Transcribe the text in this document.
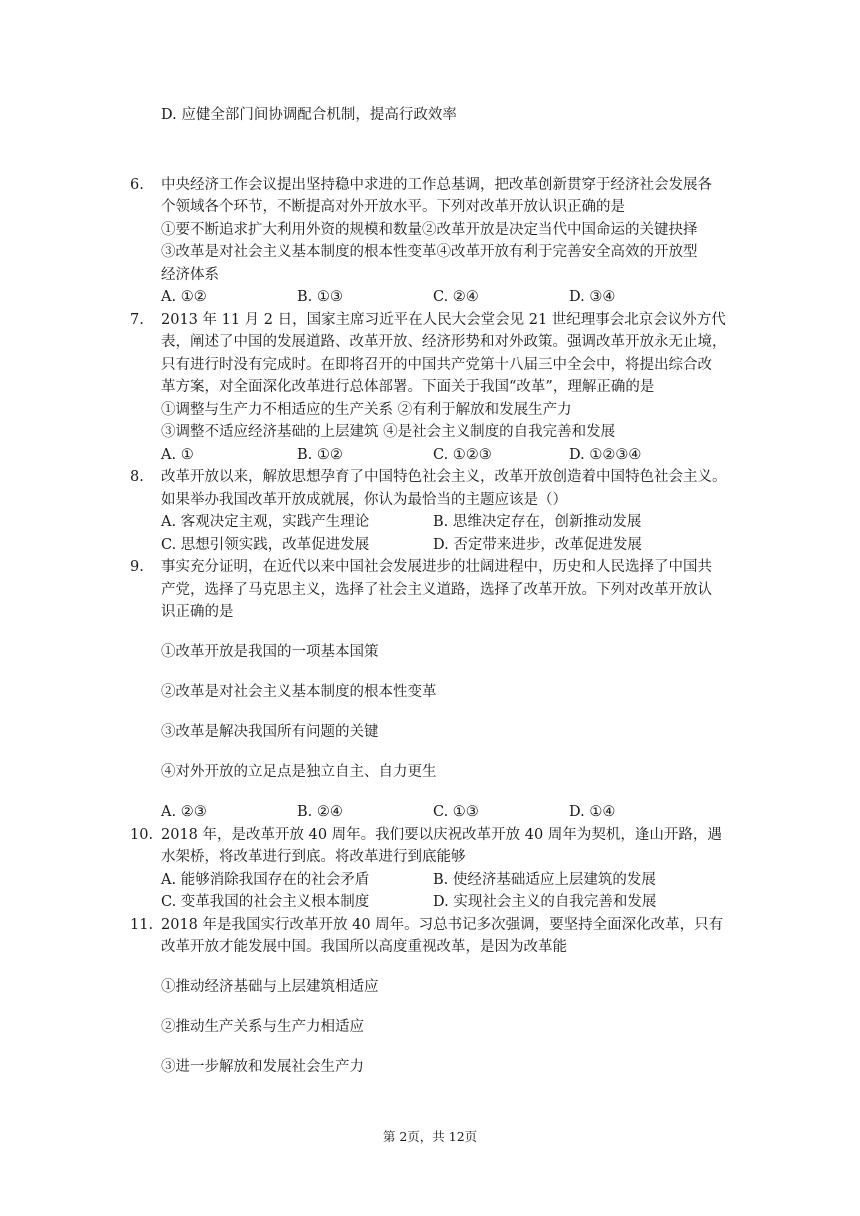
D. 应健全部门间协调配合机制，提高行政效率
6. 中央经济工作会议提出坚持稳中求进的工作总基调，把改革创新贯穿于经济社会发展各
个领域各个环节，不断提高对外开放水平。下列对改革开放认识正确的是
①要不断追求扩大利用外资的规模和数量②改革开放是决定当代中国命运的关键抉择
③改革是对社会主义基本制度的根本性变革④改革开放有利于完善安全高效的开放型
经济体系
A. ①②	B. ①③	C. ②④	D. ③④
7. 2013 年 11 月 2 日，国家主席习近平在人民大会堂会见 21 世纪理事会北京会议外方代
表，阐述了中国的发展道路、改革开放、经济形势和对外政策。强调改革开放永无止境，
只有进行时没有完成时。在即将召开的中国共产党第十八届三中全会中，将提出综合改
革方案，对全面深化改革进行总体部署。下面关于我国“改革”，理解正确的是
①调整与生产力不相适应的生产关系 ②有利于解放和发展生产力
③调整不适应经济基础的上层建筑 ④是社会主义制度的自我完善和发展
A. ①	B. ①②	C. ①②③	D. ①②③④
8. 改革开放以来，解放思想孕育了中国特色社会主义，改革开放创造着中国特色社会主义。
如果举办我国改革开放成就展，你认为最恰当的主题应该是（）
A. 客观决定主观，实践产生理论	B. 思维决定存在，创新推动发展
C. 思想引领实践，改革促进发展	D. 否定带来进步，改革促进发展
9. 事实充分证明，在近代以来中国社会发展进步的壮阔进程中，历史和人民选择了中国共
产党，选择了马克思主义，选择了社会主义道路，选择了改革开放。下列对改革开放认
识正确的是
①改革开放是我国的一项基本国策
②改革是对社会主义基本制度的根本性变革
③改革是解决我国所有问题的关键
④对外开放的立足点是独立自主、自力更生
A. ②③	B. ②④	C. ①③	D. ①④
10. 2018 年，是改革开放 40 周年。我们要以庆祝改革开放 40 周年为契机，逢山开路，遇
水架桥，将改革进行到底。将改革进行到底能够
A. 能够消除我国存在的社会矛盾	B. 使经济基础适应上层建筑的发展
C. 变革我国的社会主义根本制度	D. 实现社会主义的自我完善和发展
11. 2018 年是我国实行改革开放 40 周年。习总书记多次强调，要坚持全面深化改革，只有
改革开放才能发展中国。我国所以高度重视改革，是因为改革能
①推动经济基础与上层建筑相适应
②推动生产关系与生产力相适应
③进一步解放和发展社会生产力
第 2页，共 12页
